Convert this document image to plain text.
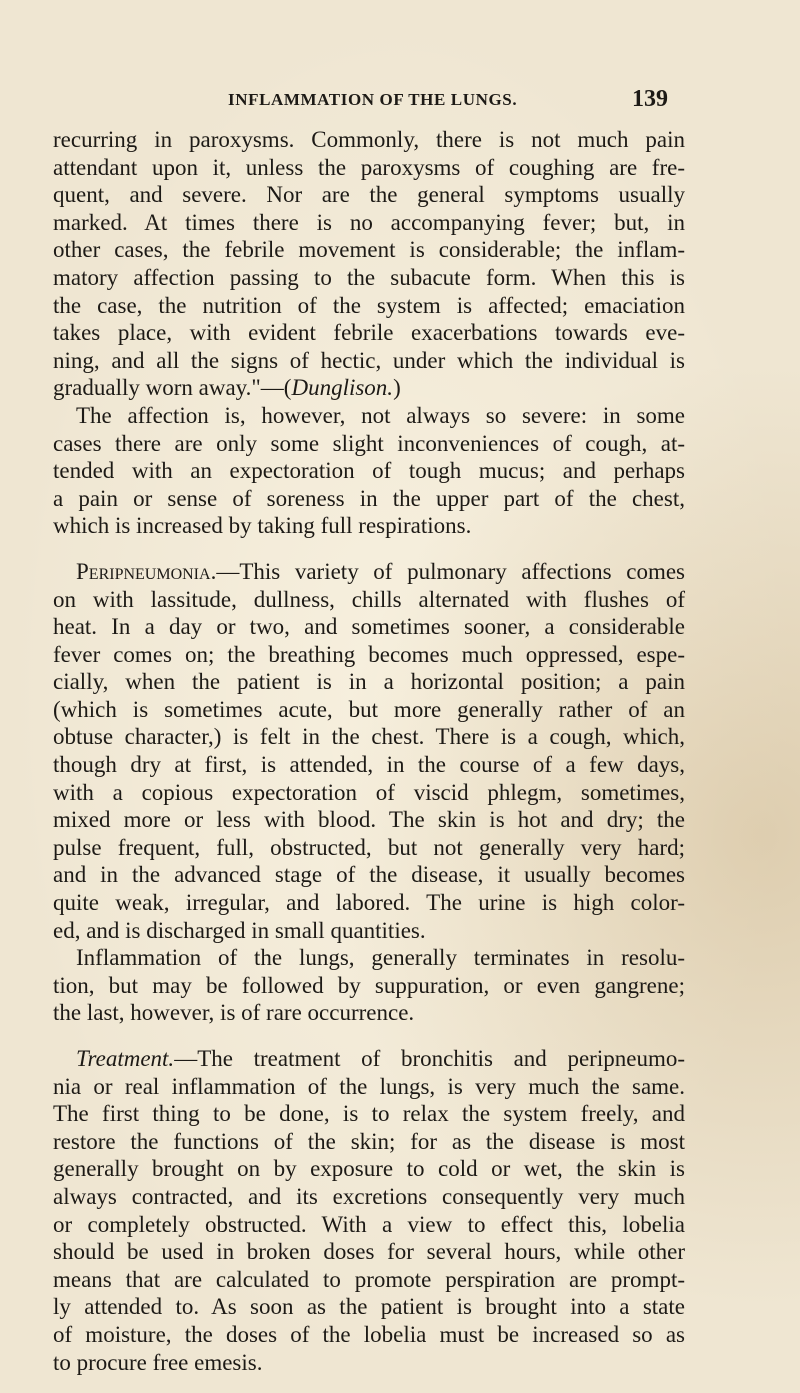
INFLAMMATION OF THE LUNGS.	139
recurring in paroxysms. Commonly, there is not much pain
attendant upon it, unless the paroxysms of coughing are fre-
quent, and severe. Nor are the general symptoms usually
marked. At times there is no accompanying fever; but, in
other cases, the febrile movement is considerable; the inflam-
matory affection passing to the subacute form. When this is
the case, the nutrition of the system is affected; emaciation
takes place, with evident febrile exacerbations towards eve-
ning, and all the signs of hectic, under which the individual is
gradually worn away."—(Dunglison.)
The affection is, however, not always so severe: in some
cases there are only some slight inconveniences of cough, at-
tended with an expectoration of tough mucus; and perhaps
a pain or sense of soreness in the upper part of the chest,
which is increased by taking full respirations.
Peripneumonia.—This variety of pulmonary affections comes
on with lassitude, dullness, chills alternated with flushes of
heat. In a day or two, and sometimes sooner, a considerable
fever comes on; the breathing becomes much oppressed, espe-
cially, when the patient is in a horizontal position; a pain
(which is sometimes acute, but more generally rather of an
obtuse character,) is felt in the chest. There is a cough, which,
though dry at first, is attended, in the course of a few days,
with a copious expectoration of viscid phlegm, sometimes,
mixed more or less with blood. The skin is hot and dry; the
pulse frequent, full, obstructed, but not generally very hard;
and in the advanced stage of the disease, it usually becomes
quite weak, irregular, and labored. The urine is high color-
ed, and is discharged in small quantities.
Inflammation of the lungs, generally terminates in resolu-
tion, but may be followed by suppuration, or even gangrene;
the last, however, is of rare occurrence.
Treatment.—The treatment of bronchitis and peripneumo-
nia or real inflammation of the lungs, is very much the same.
The first thing to be done, is to relax the system freely, and
restore the functions of the skin; for as the disease is most
generally brought on by exposure to cold or wet, the skin is
always contracted, and its excretions consequently very much
or completely obstructed. With a view to effect this, lobelia
should be used in broken doses for several hours, while other
means that are calculated to promote perspiration are prompt-
ly attended to. As soon as the patient is brought into a state
of moisture, the doses of the lobelia must be increased so as
to procure free emesis.
